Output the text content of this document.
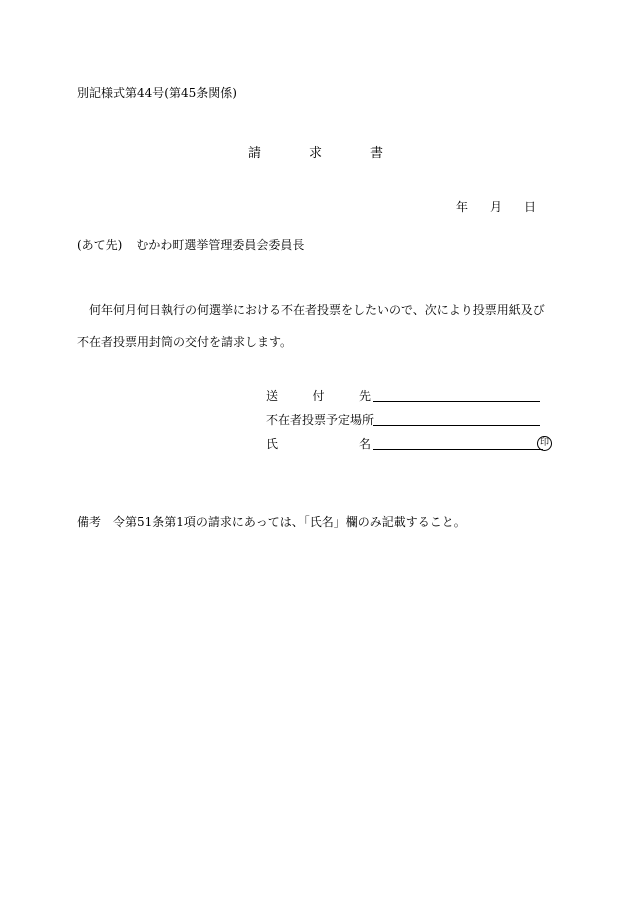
別記様式第44号(第45条関係)
請	求	書
年 月 日
(あて先) むかわ町選挙管理委員会委員長
何年何月何日執行の何選挙における不在者投票をしたいので、次により投票用紙及び不在者投票用封筒の交付を請求します。
送	付	先
不在者投票予定場所
氏	名	印
備考 令第51条第1項の請求にあっては、「氏名」欄のみ記載すること。
